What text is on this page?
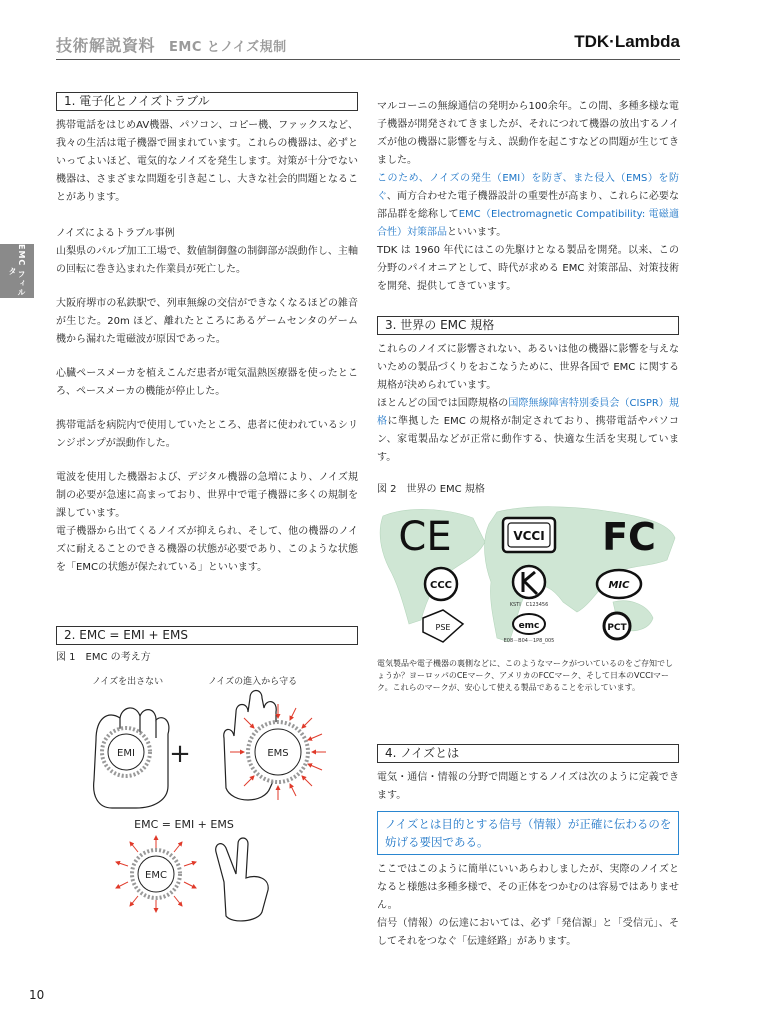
技術解説資料 EMC とノイズ規制	TDK·Lambda
EMC フィルタ
1. 電子化とノイズトラブル

携帯電話をはじめAV機器、パソコン、コピー機、ファックスなど、我々の生活は電子機器で囲まれています。これらの機器は、必ずといってよいほど、電気的なノイズを発生します。対策が十分でない機器は、さまざまな問題を引き起こし、大きな社会的問題となることがあります。

ノイズによるトラブル事例

山梨県のパルプ加工工場で、数値制御盤の制御部が誤動作し、主軸の回転に巻き込まれた作業員が死亡した。

大阪府堺市の私鉄駅で、列車無線の交信ができなくなるほどの雑音が生じた。20m ほど、離れたところにあるゲームセンタのゲーム機から漏れた電磁波が原因であった。

心臓ペースメーカを植えこんだ患者が電気温熱医療器を使ったところ、ペースメーカの機能が停止した。

携帯電話を病院内で使用していたところ、患者に使われているシリンジポンプが誤動作した。

電波を使用した機器および、デジタル機器の急増により、ノイズ規制の必要が急速に高まっており、世界中で電子機器に多くの規制を課しています。

電子機器から出てくるノイズが抑えられ、そして、他の機器のノイズに耐えることのできる機器の状態が必要であり、このような状態を「EMCの状態が保たれている」といいます。

2. EMC = EMI + EMS

図 1　EMC の考え方

ノイズを出さない	ノイズの進入から守る
EMI +	EMS
EMC = EMI + EMS
EMC

マルコーニの無線通信の発明から100余年。この間、多種多様な電子機器が開発されてきましたが、それにつれて機器の放出するノイズが他の機器に影響を与え、誤動作を起こすなどの問題が生じてきました。

このため、ノイズの発生（EMI）を防ぎ、また侵入（EMS）を防ぐ、両方合わせた電子機器設計の重要性が高まり、これらに必要な部品群を総称してEMC（Electromagnetic Compatibility: 電磁適合性）対策部品といいます。

TDK は 1960 年代にはこの先駆けとなる製品を開発。以来、この分野のパイオニアとして、時代が求める EMC 対策部品、対策技術を開発、提供してきています。

3. 世界の EMC 規格

これらのノイズに影響されない、あるいは他の機器に影響を与えないための製品づくりをおこなうために、世界各国で EMC に関する規格が決められています。

ほとんどの国では国際規格の国際無線障害特別委員会（CISPR）規格に準拠した EMC の規格が制定されており、携帯電話やパソコン、家電製品などが正常に動作する、快適な生活を実現しています。

図 2　世界の EMC 規格

CE	VCCI FC
CCC
KSTI　C123456
MIC
PSE	emc
E08－B04－1P8_005
PCT

電気製品や電子機器の裏側などに、このようなマークがついているのをご存知でしょうか？ヨーロッパのCEマーク、アメリカのFCCマーク、そして日本のVCCIマーク。これらのマークが、安心して使える製品であることを示しています。

4. ノイズとは

電気・通信・情報の分野で問題とするノイズは次のように定義できます。

ノイズとは目的とする信号（情報）が正確に伝わるのを妨げる要因である。

ここではこのように簡単にいいあらわしましたが、実際のノイズとなると様態は多種多様で、その正体をつかむのは容易ではありません。

信号（情報）の伝達においては、必ず「発信源」と「受信元」、そしてそれをつなぐ「伝達経路」があります。

10
